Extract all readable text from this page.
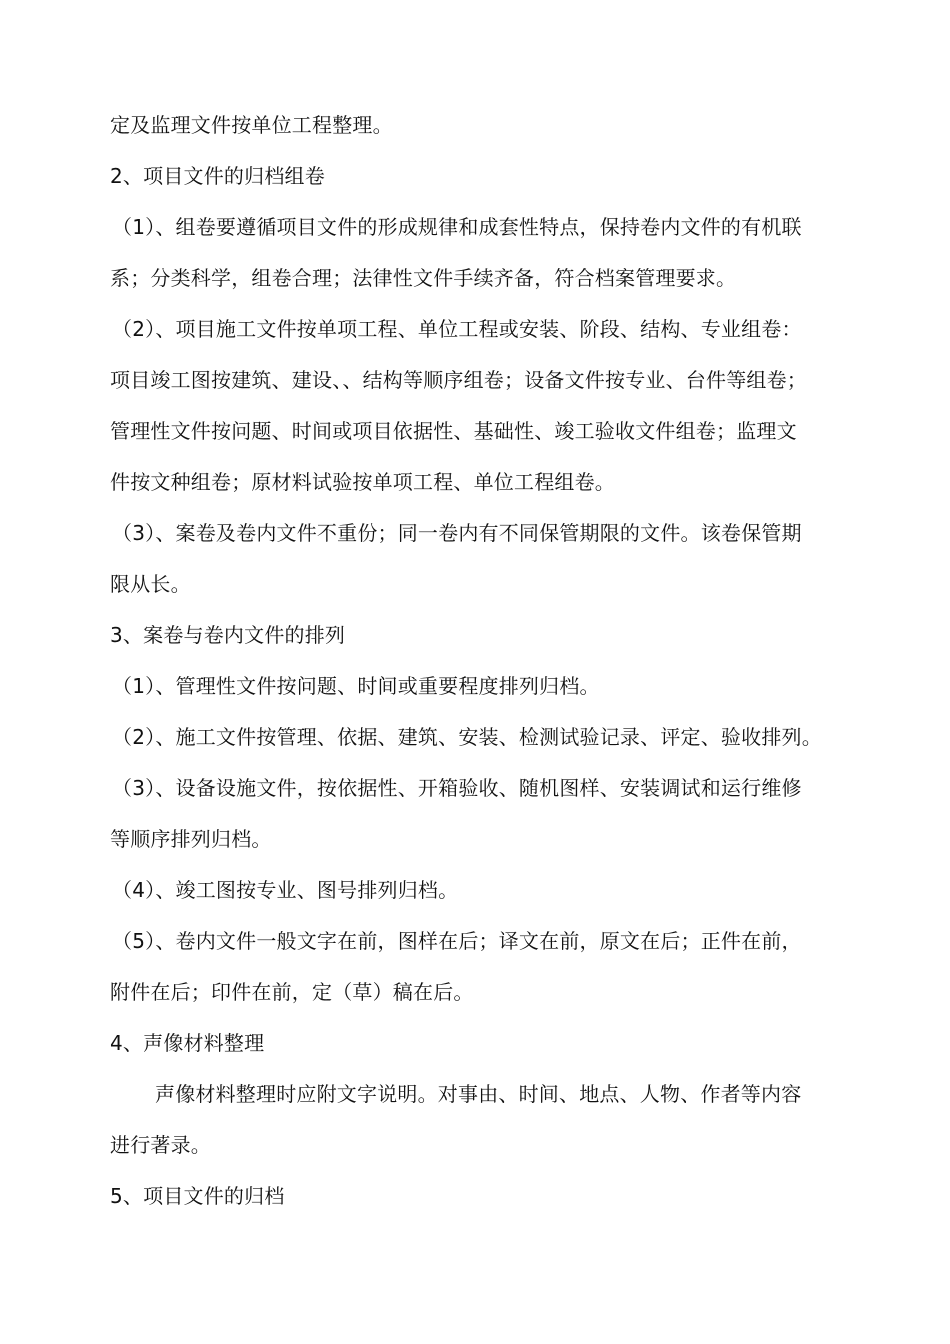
定及监理文件按单位工程整理。
2、项目文件的归档组卷
（1）、组卷要遵循项目文件的形成规律和成套性特点，保持卷内文件的有机联
系；分类科学，组卷合理；法律性文件手续齐备，符合档案管理要求。
（2）、项目施工文件按单项工程、单位工程或安装、阶段、结构、专业组卷：
项目竣工图按建筑、建设、、结构等顺序组卷；设备文件按专业、台件等组卷；
管理性文件按问题、时间或项目依据性、基础性、竣工验收文件组卷；监理文
件按文种组卷；原材料试验按单项工程、单位工程组卷。
（3）、案卷及卷内文件不重份；同一卷内有不同保管期限的文件。该卷保管期
限从长。
3、案卷与卷内文件的排列
（1）、管理性文件按问题、时间或重要程度排列归档。
（2）、施工文件按管理、依据、建筑、安装、检测试验记录、评定、验收排列。
（3）、设备设施文件，按依据性、开箱验收、随机图样、安装调试和运行维修
等顺序排列归档。
（4）、竣工图按专业、图号排列归档。
（5）、卷内文件一般文字在前，图样在后；译文在前，原文在后；正件在前，
附件在后；印件在前，定（草）稿在后。
4、声像材料整理
声像材料整理时应附文字说明。对事由、时间、地点、人物、作者等内容
进行著录。
5、项目文件的归档
